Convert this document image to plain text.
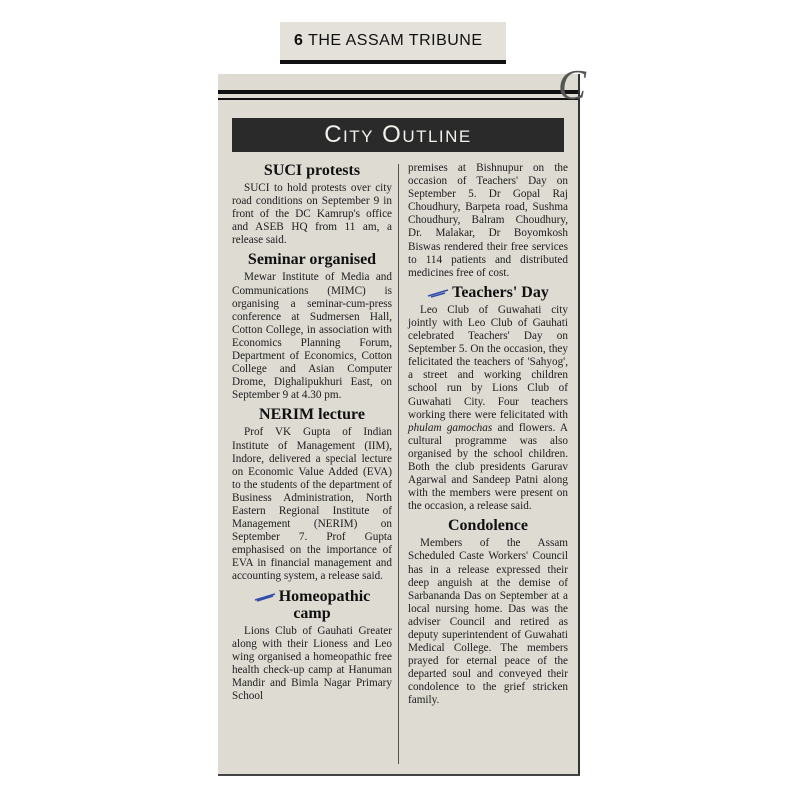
6 THE ASSAM TRIBUNE
C
City Outline
SUCI protests

SUCI to hold protests over city road conditions on September 9 in front of the DC Kamrup's office and ASEB HQ from 11 am, a release said.

Seminar organised

Mewar Institute of Media and Communications (MIMC) is organising a seminar-cum-press conference at Sudmersen Hall, Cotton College, in association with Economics Planning Forum, Department of Economics, Cotton College and Asian Computer Drome, Dighalipukhuri East, on September 9 at 4.30 pm.

NERIM lecture

Prof VK Gupta of Indian Institute of Management (IIM), Indore, delivered a special lecture on Economic Value Added (EVA) to the students of the department of Business Administration, North Eastern Regional Institute of Management (NERIM) on September 7. Prof Gupta emphasised on the importance of EVA in financial management and accounting system, a release said.

Homeopathic
camp

Lions Club of Gauhati Greater along with their Lioness and Leo wing organised a homeopathic free health check-up camp at Hanuman Mandir and Bimla Nagar Primary School

premises at Bishnupur on the occasion of Teachers' Day on September 5. Dr Gopal Raj Choudhury, Barpeta road, Sushma Choudhury, Balram Choudhury, Dr. Malakar, Dr Boyomkosh Biswas rendered their free services to 114 patients and distributed medicines free of cost.

Teachers' Day

Leo Club of Guwahati city jointly with Leo Club of Gauhati celebrated Teachers' Day on September 5. On the occasion, they felicitated the teachers of 'Sahyog', a street and working children school run by Lions Club of Guwahati City. Four teachers working there were felicitated with phulam gamochas and flowers. A cultural programme was also organised by the school children. Both the club presidents Garurav Agarwal and Sandeep Patni along with the members were present on the occasion, a release said.

Condolence

Members of the Assam Scheduled Caste Workers' Council has in a release expressed their deep anguish at the demise of Sarbananda Das on September at a local nursing home. Das was the adviser Council and retired as deputy superintendent of Guwahati Medical College. The members prayed for eternal peace of the departed soul and conveyed their condolence to the grief stricken family.
